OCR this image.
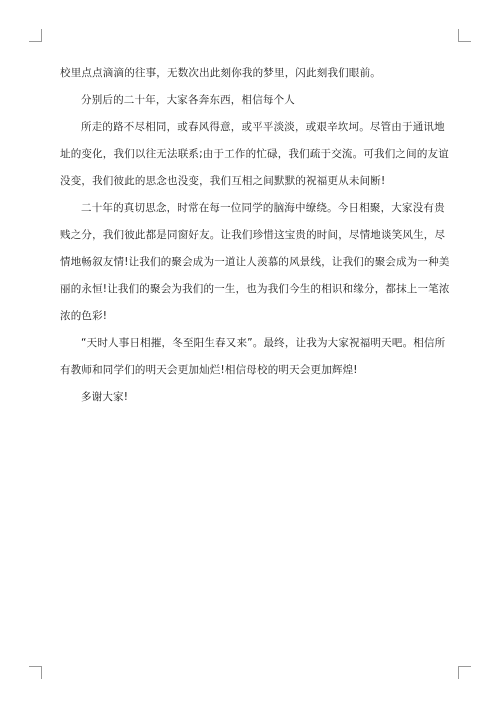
校里点点滴滴的往事，无数次出此刻你我的梦里，闪此刻我们眼前。

分别后的二十年，大家各奔东西，相信每个人

所走的路不尽相同，或春风得意，或平平淡淡，或艰辛坎坷。尽管由于通讯地址的变化，我们以往无法联系;由于工作的忙碌，我们疏于交流。可我们之间的友谊没变，我们彼此的思念也没变，我们互相之间默默的祝福更从未间断!

二十年的真切思念，时常在每一位同学的脑海中缭绕。今日相聚，大家没有贵贱之分，我们彼此都是同窗好友。让我们珍惜这宝贵的时间，尽情地谈笑风生，尽情地畅叙友情!让我们的聚会成为一道让人羡慕的风景线，让我们的聚会成为一种美丽的永恒!让我们的聚会为我们的一生，也为我们今生的相识和缘分，都抹上一笔浓浓的色彩!

“天时人事日相摧，冬至阳生春又来”。最终，让我为大家祝福明天吧。相信所有教师和同学们的明天会更加灿烂!相信母校的明天会更加辉煌!

多谢大家!
